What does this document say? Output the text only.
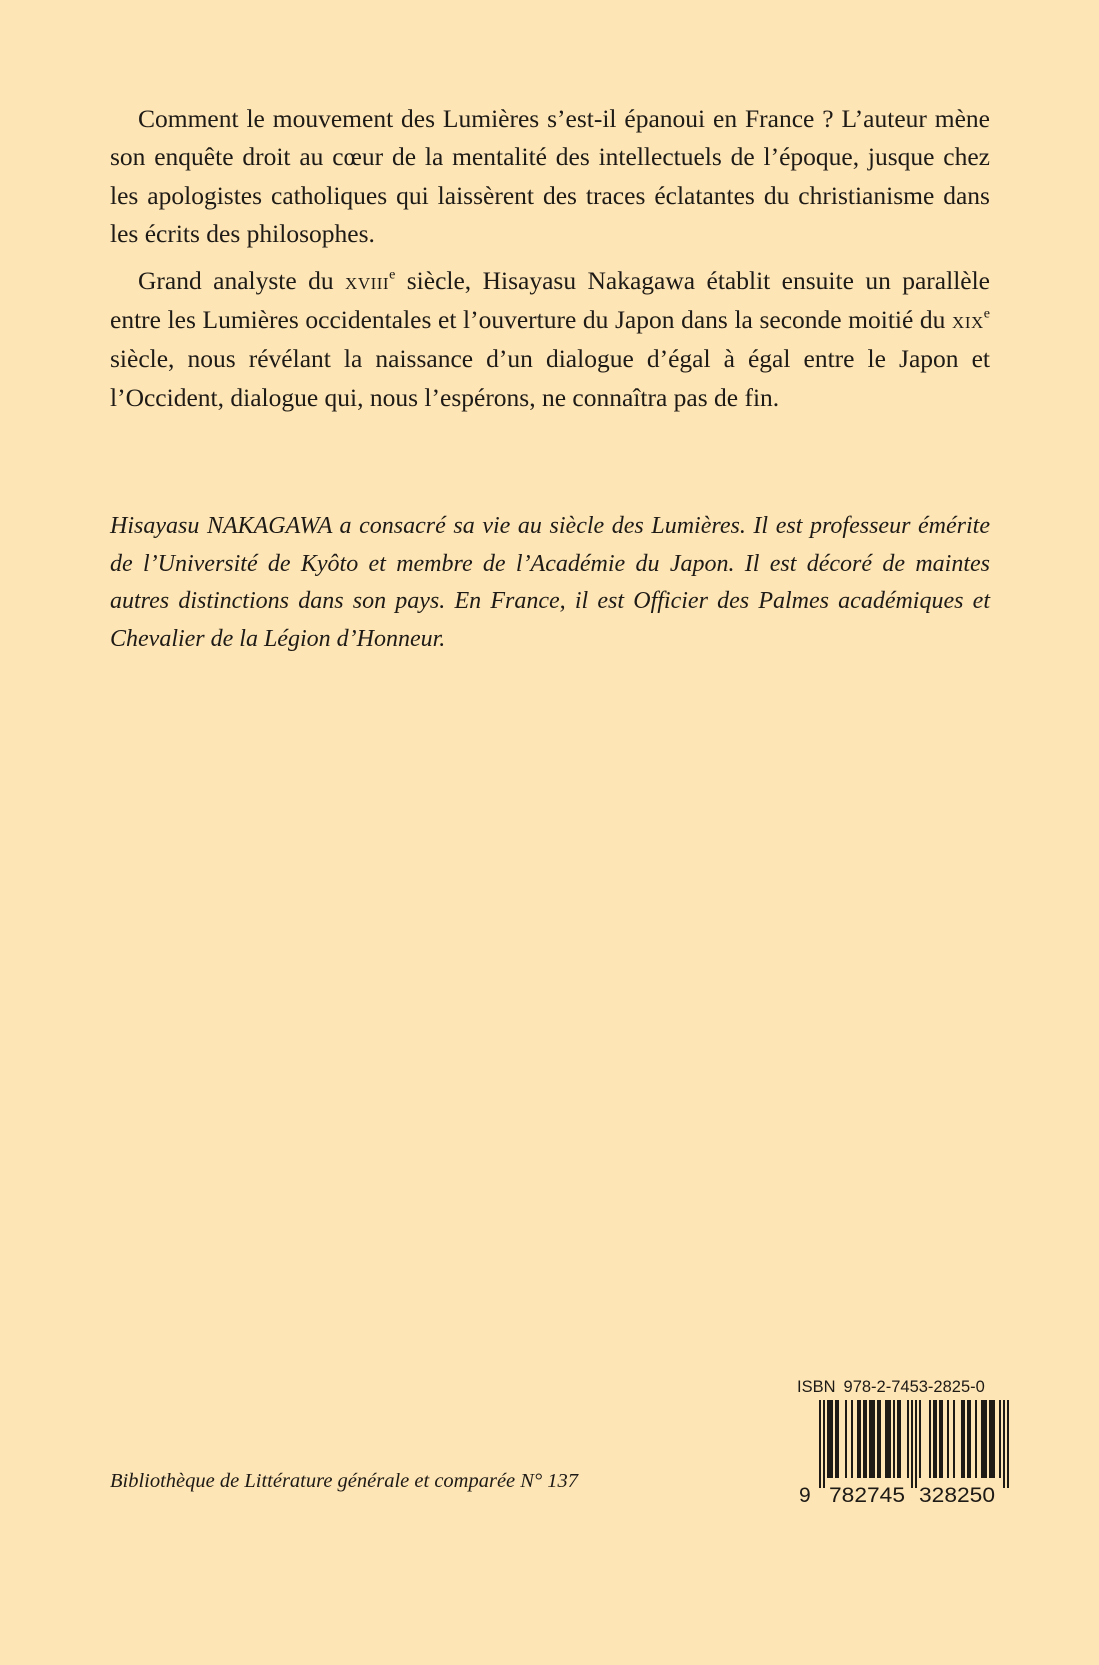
Comment le mouvement des Lumières s’est-il épanoui en France ? L’auteur mène son enquête droit au cœur de la mentalité des intellectuels de l’époque, jusque chez les apologistes catholiques qui laissèrent des traces éclatantes du christianisme dans les écrits des philosophes.

Grand analyste du xviii$^e$ siècle, Hisayasu Nakagawa établit ensuite un parallèle entre les Lumières occidentales et l’ouverture du Japon dans la seconde moitié du xix$^e$ siècle, nous révélant la naissance d’un dialogue d’égal à égal entre le Japon et l’Occident, dialogue qui, nous l’espérons, ne connaîtra pas de fin.

Hisayasu NAKAGAWA a consacré sa vie au siècle des Lumières. Il est professeur émérite de l’Université de Kyôto et membre de l’Académie du Japon. Il est décoré de maintes autres distinctions dans son pays. En France, il est Officier des Palmes académiques et Chevalier de la Légion d’Honneur.

Bibliothèque de Littérature générale et comparée N° 137

ISBN 978-2-7453-2825-0
9 782745 328250
